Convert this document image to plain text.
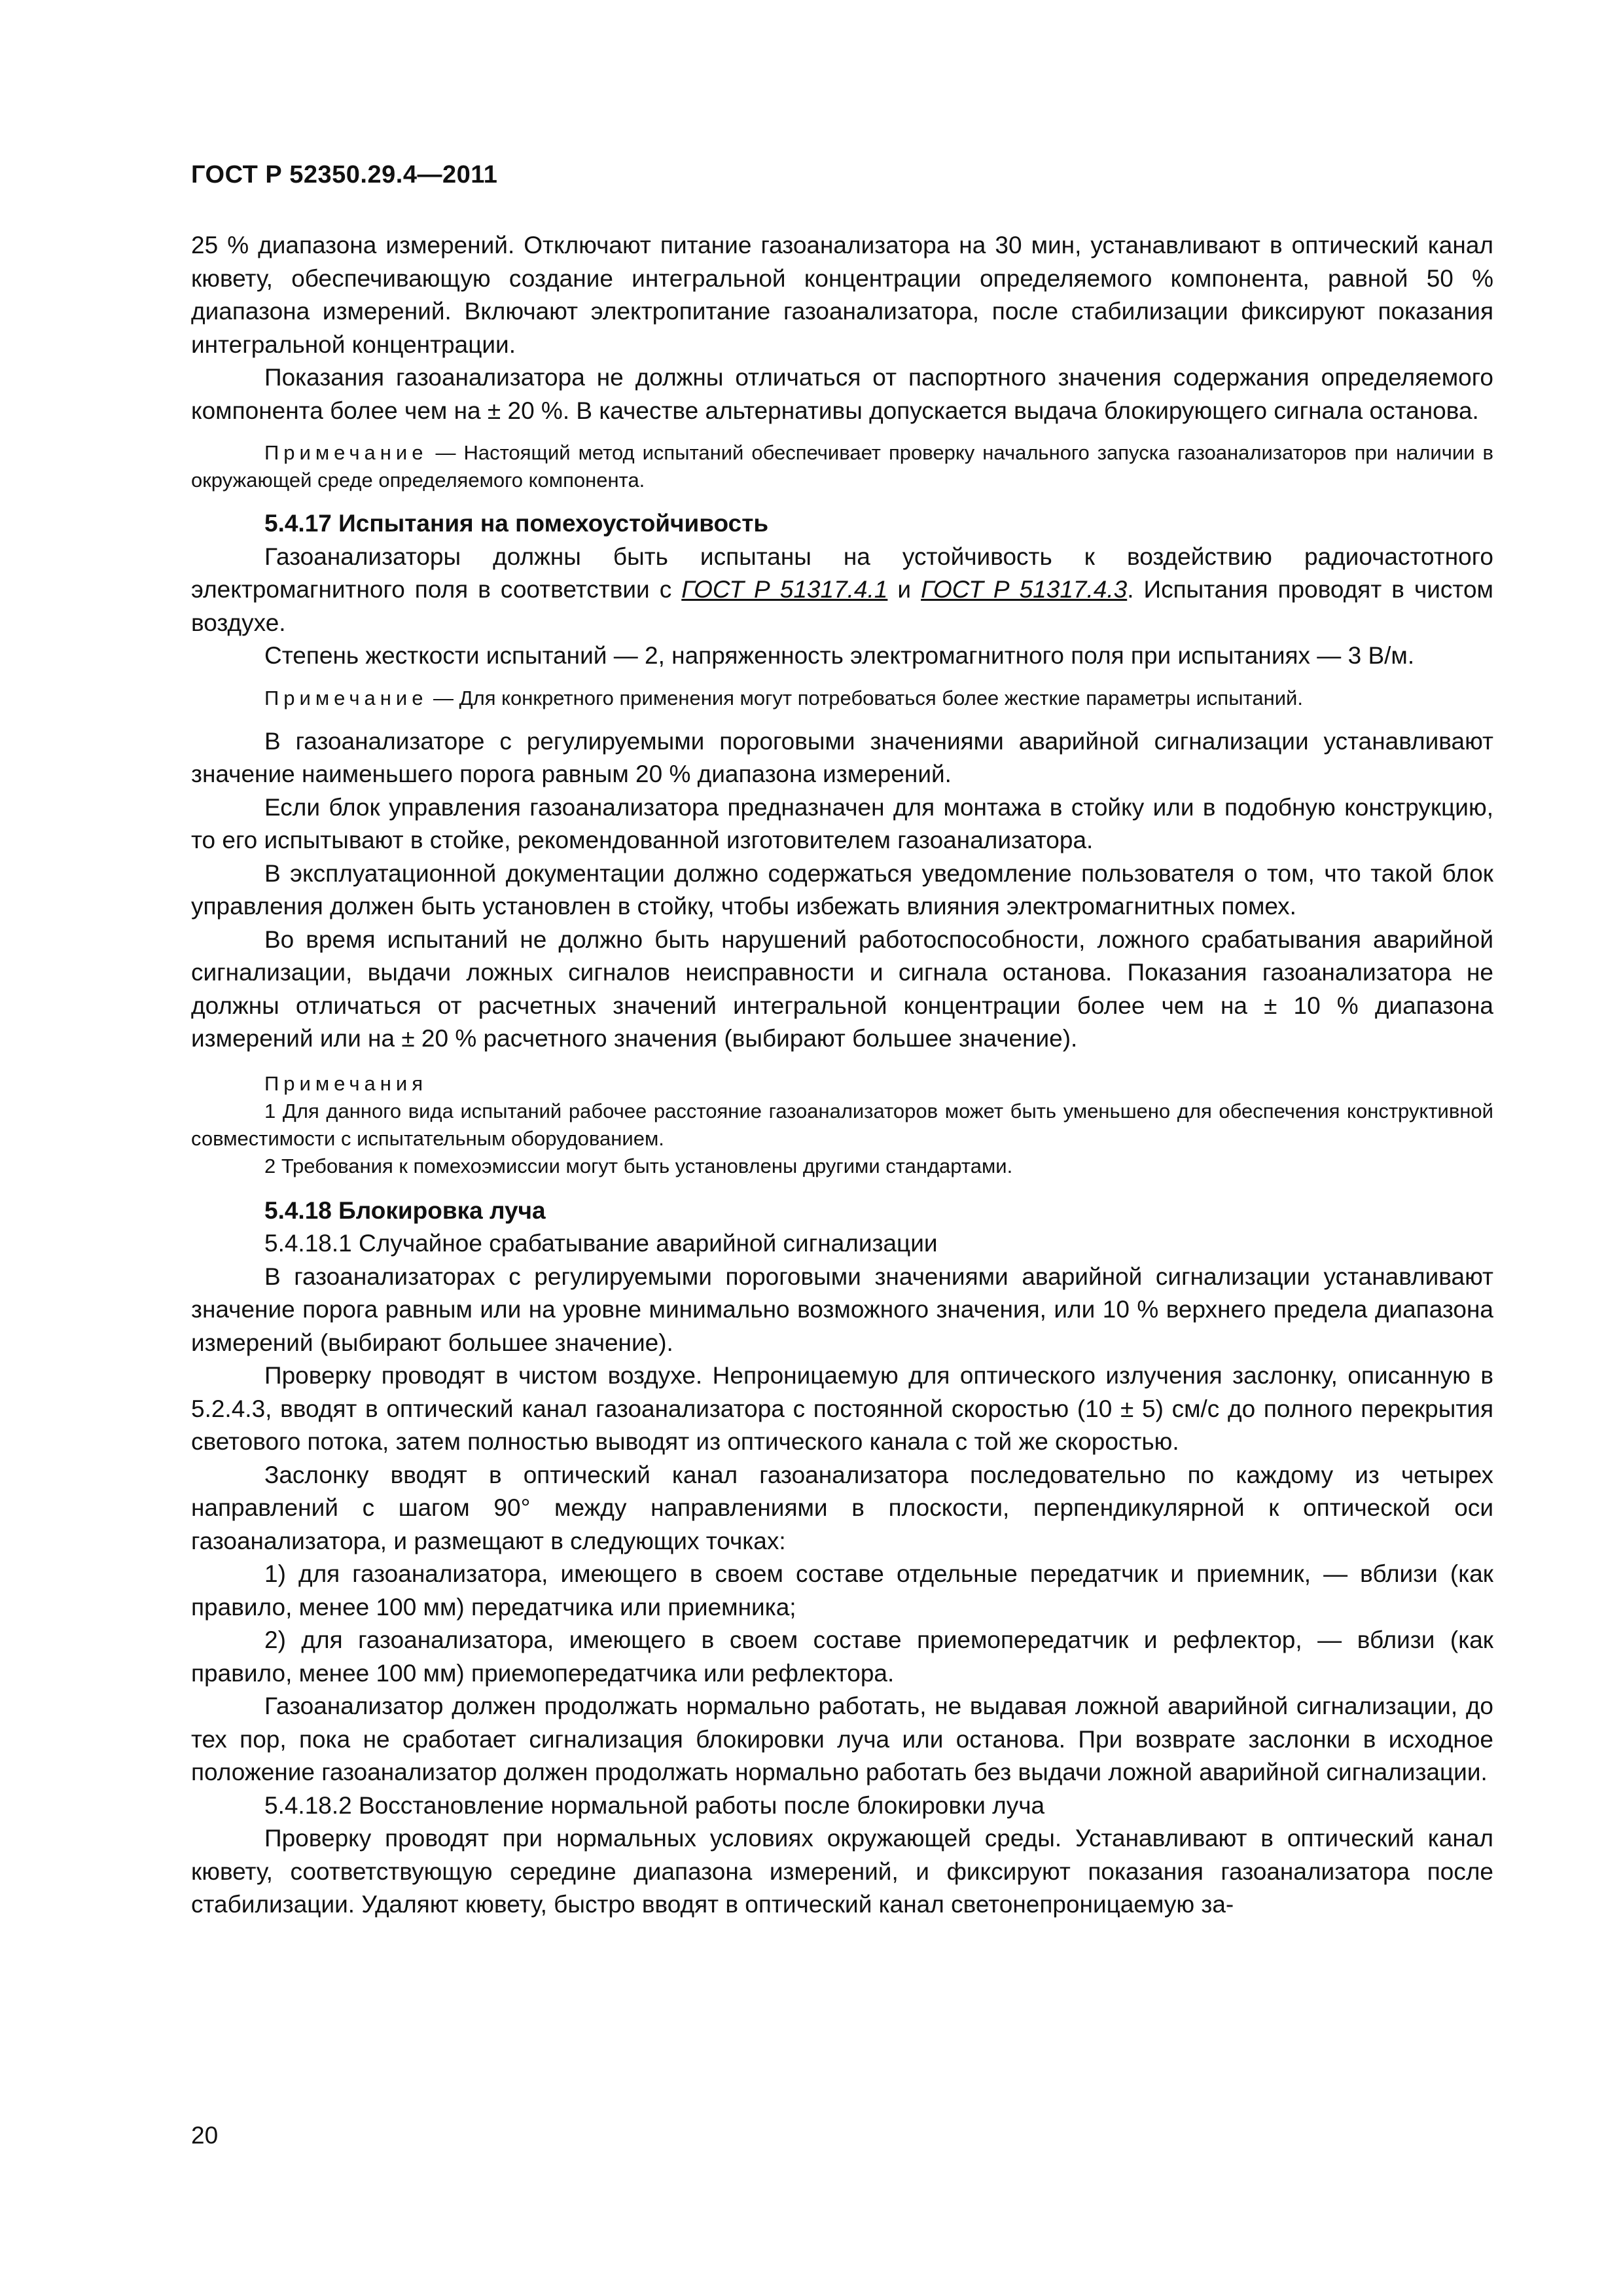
ГОСТ Р 52350.29.4—2011

25 % диапазона измерений. Отключают питание газоанализатора на 30 мин, устанавливают в оптический канал кювету, обеспечивающую создание интегральной концентрации определяемого компонента, равной 50 % диапазона измерений. Включают электропитание газоанализатора, после стабилизации фиксируют показания интегральной концентрации.

Показания газоанализатора не должны отличаться от паспортного значения содержания определяемого компонента более чем на ± 20 %. В качестве альтернативы допускается выдача блокирующего сигнала останова.

Примечание — Настоящий метод испытаний обеспечивает проверку начального запуска газоанализаторов при наличии в окружающей среде определяемого компонента.

5.4.17 Испытания на помехоустойчивость

Газоанализаторы должны быть испытаны на устойчивость к воздействию радиочастотного электромагнитного поля в соответствии с ГОСТ Р 51317.4.1 и ГОСТ Р 51317.4.3. Испытания проводят в чистом воздухе.

Степень жесткости испытаний — 2, напряженность электромагнитного поля при испытаниях — 3 В/м.

Примечание — Для конкретного применения могут потребоваться более жесткие параметры испытаний.

В газоанализаторе с регулируемыми пороговыми значениями аварийной сигнализации устанавливают значение наименьшего порога равным 20 % диапазона измерений.

Если блок управления газоанализатора предназначен для монтажа в стойку или в подобную конструкцию, то его испытывают в стойке, рекомендованной изготовителем газоанализатора.

В эксплуатационной документации должно содержаться уведомление пользователя о том, что такой блок управления должен быть установлен в стойку, чтобы избежать влияния электромагнитных помех.

Во время испытаний не должно быть нарушений работоспособности, ложного срабатывания аварийной сигнализации, выдачи ложных сигналов неисправности и сигнала останова. Показания газоанализатора не должны отличаться от расчетных значений интегральной концентрации более чем на ± 10 % диапазона измерений или на ± 20 % расчетного значения (выбирают большее значение).

Примечания

1 Для данного вида испытаний рабочее расстояние газоанализаторов может быть уменьшено для обеспечения конструктивной совместимости с испытательным оборудованием.

2 Требования к помехоэмиссии могут быть установлены другими стандартами.

5.4.18 Блокировка луча

5.4.18.1 Случайное срабатывание аварийной сигнализации

В газоанализаторах с регулируемыми пороговыми значениями аварийной сигнализации устанавливают значение порога равным или на уровне минимально возможного значения, или 10 % верхнего предела диапазона измерений (выбирают большее значение).

Проверку проводят в чистом воздухе. Непроницаемую для оптического излучения заслонку, описанную в 5.2.4.3, вводят в оптический канал газоанализатора с постоянной скоростью (10 ± 5) см/с до полного перекрытия светового потока, затем полностью выводят из оптического канала с той же скоростью.

Заслонку вводят в оптический канал газоанализатора последовательно по каждому из четырех направлений с шагом 90° между направлениями в плоскости, перпендикулярной к оптической оси газоанализатора, и размещают в следующих точках:

1) для газоанализатора, имеющего в своем составе отдельные передатчик и приемник, — вблизи (как правило, менее 100 мм) передатчика или приемника;

2) для газоанализатора, имеющего в своем составе приемопередатчик и рефлектор, — вблизи (как правило, менее 100 мм) приемопередатчика или рефлектора.

Газоанализатор должен продолжать нормально работать, не выдавая ложной аварийной сигнализации, до тех пор, пока не сработает сигнализация блокировки луча или останова. При возврате заслонки в исходное положение газоанализатор должен продолжать нормально работать без выдачи ложной аварийной сигнализации.

5.4.18.2 Восстановление нормальной работы после блокировки луча

Проверку проводят при нормальных условиях окружающей среды. Устанавливают в оптический канал кювету, соответствующую середине диапазона измерений, и фиксируют показания газоанализатора после стабилизации. Удаляют кювету, быстро вводят в оптический канал светонепроницаемую за-

20
